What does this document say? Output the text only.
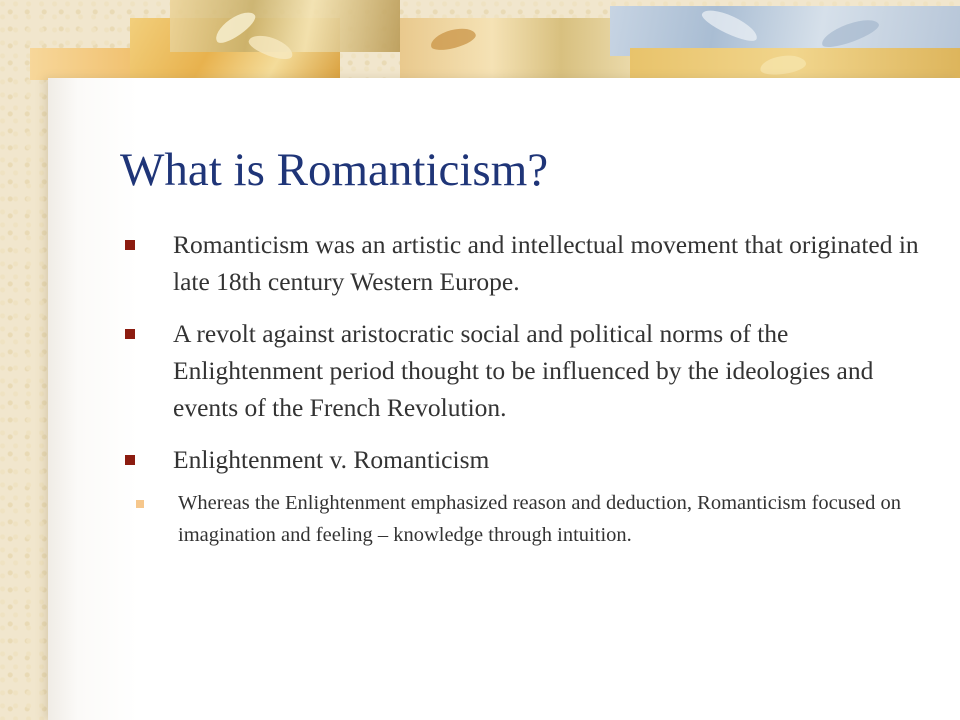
What is Romanticism?
Romanticism was an artistic and intellectual movement that originated in late 18th century Western Europe.
A revolt against aristocratic social and political norms of the Enlightenment period thought to be influenced by the ideologies and events of the French Revolution.
Enlightenment v. Romanticism
Whereas the Enlightenment emphasized reason and deduction, Romanticism focused on imagination and feeling – knowledge through intuition.
